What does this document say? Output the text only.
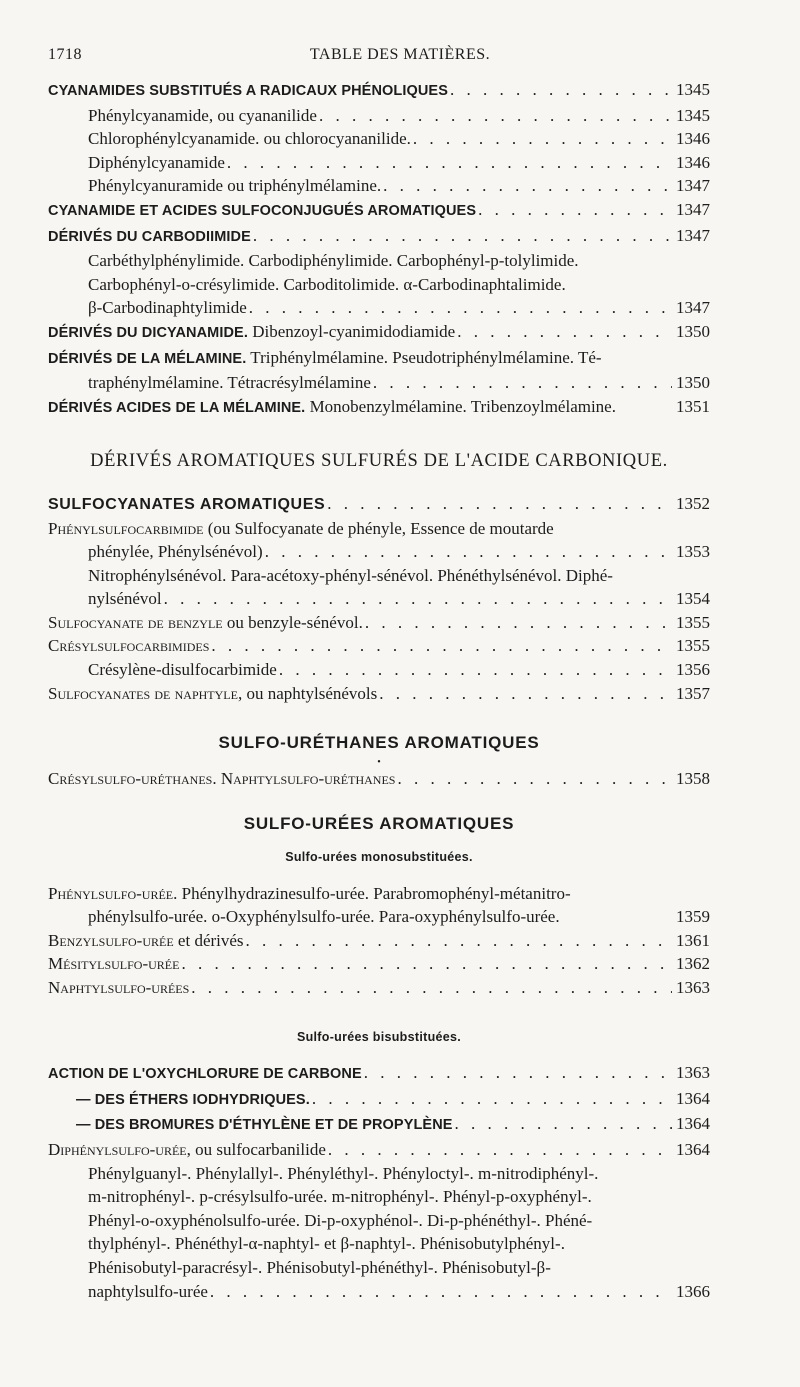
1718	TABLE DES MATIÈRES.
CYANAMIDES SUBSTITUÉS A RADICAUX PHÉNOLIQUES . . .	1345
Phénylcyanamide, ou cyananilide . . .	1345
Chlorophénylcyanamide. ou chlorocyananilide. . . .	1346
Diphénylcyanamide . . .	1346
Phénylcyanuramide ou triphénylmélamine. . . .	1347
CYANAMIDE ET ACIDES SULFOCONJUGUÉS AROMATIQUES . . .	1347
DÉRIVÉS DU CARBODIIMIDE . . .	1347
Carbéthylphénylimide. Carbodiphénylimide. Carbophényl-p-tolylimide.
Carbophényl-o-crésylimide. Carboditolimide. α-Carbodinaphtalimide.
β-Carbodinaphtylimide . . .	1347
DÉRIVÉS DU DICYANAMIDE. Dibenzoyl-cyanimidodiamide . . .	1350
DÉRIVÉS DE LA MÉLAMINE. Triphénylmélamine. Pseudotriphénylmélamine. Té-
traphénylmélamine. Tétracrésylmélamine . . .	1350
DÉRIVÉS ACIDES DE LA MÉLAMINE. Monobenzylmélamine. Tribenzoylmélamine.	1351
DÉRIVÉS AROMATIQUES SULFURÉS DE L'ACIDE CARBONIQUE.
SULFOCYANATES AROMATIQUES . . .	1352
Phénylsulfocarbimide (ou Sulfocyanate de phényle, Essence de moutarde
phénylée, Phénylsénévol) . . .	1353
Nitrophénylsénévol. Para-acétoxy-phényl-sénévol. Phénéthylsénévol. Diphé-
nylsénévol . . .	1354
Sulfocyanate de benzyle ou benzyle-sénévol. . . .	1355
Crésylsulfocarbimides . . .	1355
Crésylène-disulfocarbimide . . .	1356
Sulfocyanates de naphtyle, ou naphtylsénévols . . .	1357
SULFO-URÉTHANES AROMATIQUES
•
Crésylsulfo-uréthanes. Naphtylsulfo-uréthanes . . .	1358
SULFO-URÉES AROMATIQUES
Sulfo-urées monosubstituées.
Phénylsulfo-urée. Phénylhydrazinesulfo-urée. Parabromophényl-métanitro-
phénylsulfo-urée. o-Oxyphénylsulfo-urée. Para-oxyphénylsulfo-urée.	1359
Benzylsulfo-urée et dérivés . . .	1361
Mésitylsulfo-urée . . .	1362
Naphtylsulfo-urées . . .	1363
Sulfo-urées bisubstituées.
ACTION DE L'OXYCHLORURE DE CARBONE . . .	1363
— DES ÉTHERS IODHYDRIQUES. . . .	1364
— DES BROMURES D'ÉTHYLÈNE ET DE PROPYLÈNE . . .	1364
Diphénylsulfo-urée, ou sulfocarbanilide . . .	1364
Phénylguanyl-. Phénylallyl-. Phényléthyl-. Phényloctyl-. m-nitrodiphényl-.
m-nitrophényl-. p-crésylsulfo-urée. m-nitrophényl-. Phényl-p-oxyphényl-.
Phényl-o-oxyphénolsulfo-urée. Di-p-oxyphénol-. Di-p-phénéthyl-. Phéné-
thylphényl-. Phénéthyl-α-naphtyl- et β-naphtyl-. Phénisobutylphényl-.
Phénisobutyl-paracrésyl-. Phénisobutyl-phénéthyl-. Phénisobutyl-β-
naphtylsulfo-urée . . .	1366
